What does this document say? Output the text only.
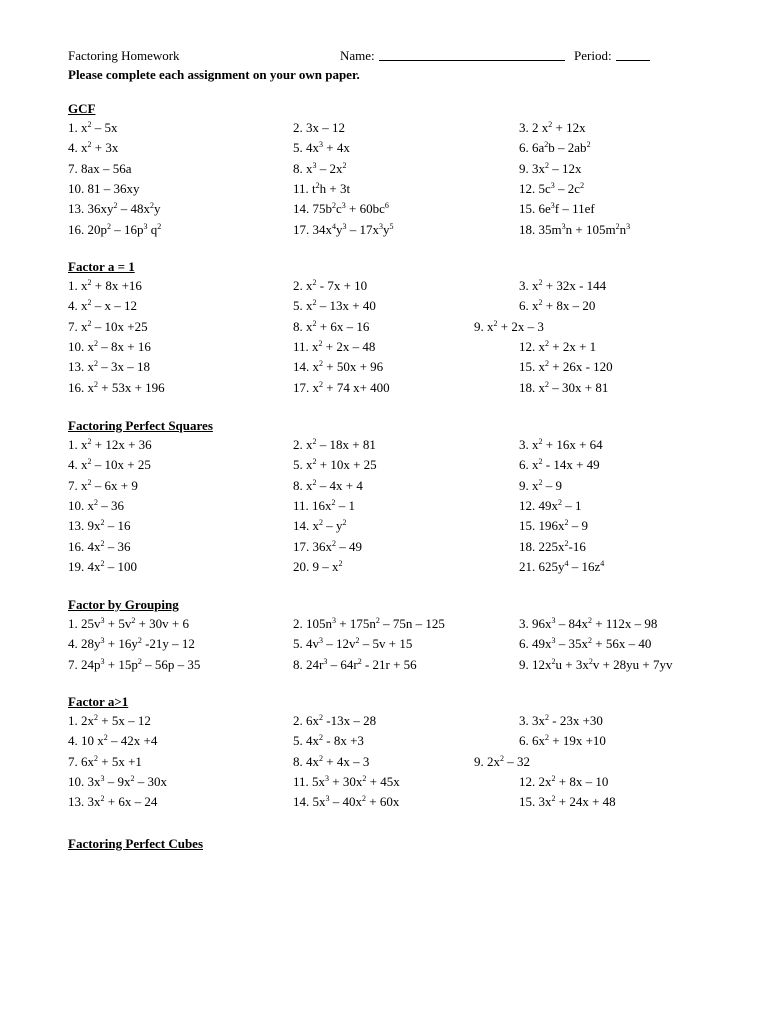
Factoring Homework	Name:	Period:
Please complete each assignment on your own paper.
GCF
1. $x^2 - 5x$	2. 3x – 12	3. 2 $x^2 + 12x$
4. $x^2 + 3x$	5. $4x^3 + 4x$	6. $6a^2b - 2ab^2$
7. 8ax – 56a	8. $x^3 - 2x^2$	9. $3x^2 - 12x$
10. 81 – 36xy	11. $t^2h + 3t$	12. $5c^3 - 2c^2$
13. $36xy^2 - 48x^2y$	14. $75b^2c^3 + 60bc^6$	15. $6e^3f - 11ef$
16. $20p^2 - 16p^3$ $q^2$	17. $34x^4y^3 - 17x^3y^5$	18. $35m^3n + 105m^2n^3$
Factor a = 1
1. $x^2 + 8x +16$	2. $x^2 - 7x + 10$	3. $x^2 + 32x - 144$
4. $x^2$ – x – 12	5. $x^2 - 13x + 40$	6. $x^2 + 8x - 20$
7. $x^2 - 10x +25$	8. $x^2 + 6x - 16$	9. $x^2 + 2x - 3$
10. $x^2 - 8x + 16$	11. $x^2 + 2x - 48$	12. $x^2 + 2x + 1$
13. $x^2 - 3x - 18$	14. $x^2 + 50x + 96$	15. $x^2 + 26x - 120$
16. $x^2 + 53x + 196$	17. $x^2 + 74$ x+ 400	18. $x^2 - 30x + 81$
Factoring Perfect Squares
1. $x^2 + 12x + 36$	2. $x^2 - 18x + 81$	3. $x^2 + 16x + 64$
4. $x^2 - 10x + 25$	5. $x^2 + 10x + 25$	6. $x^2 - 14x + 49$
7. $x^2 - 6x + 9$	8. $x^2 - 4x + 4$	9. $x^2 - 9$
10. $x^2 - 36$	11. $16x^2 - 1$	12. $49x^2 - 1$
13. $9x^2 - 16$	14. $x^2 - y^2$	15. $196x^2 - 9$
16. $4x^2 - 36$	17. $36x^2 - 49$	18. $225x^2-16$
19. $4x^2 - 100$	20. $9 - x^2$	21. $625y^4 - 16z^4$
Factor by Grouping
1. $25v^3 + 5v^2 + 30v + 6$	2. $105n^3 + 175n^2 - 75n - 125$	3. $96x^3 - 84x^2 + 112x - 98$
4. $28y^3 + 16y^2$ -21y – 12	5. $4v^3 - 12v^2 - 5v + 15$	6. $49x^3 - 35x^2 + 56x - 40$
7. $24p^3 + 15p^2 - 56p - 35$	8. $24r^3 - 64r^2 - 21r + 56$	9. $12x^2u + 3x^2v + 28yu + 7yv$
Factor a>1
1. $2x^2 + 5x - 12$	2. $6x^2$ -13x – 28	3. $3x^2 - 23x +30$
4. 10 $x^2 - 42x +4$	5. $4x^2 - 8x +3$	6. $6x^2 + 19x +10$
7. $6x^2 + 5x +1$	8. $4x^2 + 4x - 3$	9. $2x^2 - 32$
10. $3x^3 - 9x^2 - 30x$	11. $5x^3 + 30x^2 + 45x$	12. $2x^2 + 8x - 10$
13. $3x^2 + 6x - 24$	14. $5x^3 - 40x^2 + 60x$	15. $3x^2 + 24x + 48$
Factoring Perfect Cubes
